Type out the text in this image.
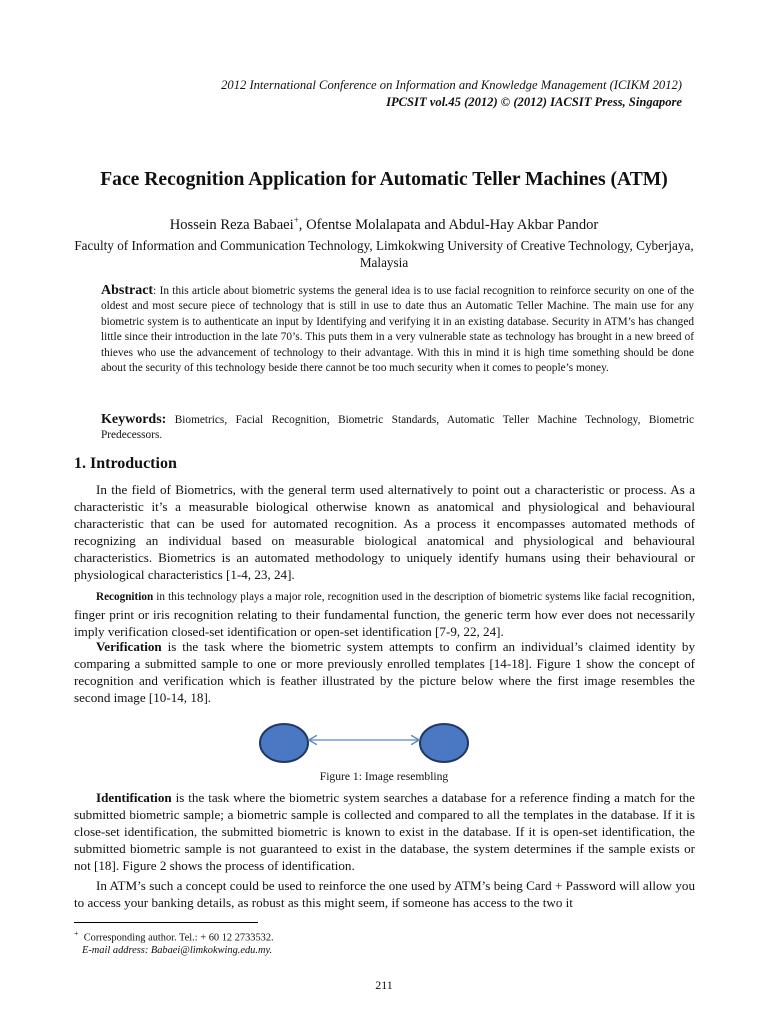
2012 International Conference on Information and Knowledge Management (ICIKM 2012)
IPCSIT vol.45 (2012) © (2012) IACSIT Press, Singapore
Face Recognition Application for Automatic Teller Machines (ATM)
Hossein Reza Babaei+, Ofentse Molalapata and Abdul-Hay Akbar Pandor
Faculty of Information and Communication Technology, Limkokwing University of Creative Technology, Cyberjaya, Malaysia
Abstract: In this article about biometric systems the general idea is to use facial recognition to reinforce security on one of the oldest and most secure piece of technology that is still in use to date thus an Automatic Teller Machine. The main use for any biometric system is to authenticate an input by Identifying and verifying it in an existing database. Security in ATM’s has changed little since their introduction in the late 70’s. This puts them in a very vulnerable state as technology has brought in a new breed of thieves who use the advancement of technology to their advantage. With this in mind it is high time something should be done about the security of this technology beside there cannot be too much security when it comes to people’s money.
Keywords: Biometrics, Facial Recognition, Biometric Standards, Automatic Teller Machine Technology, Biometric Predecessors.
1. Introduction
In the field of Biometrics, with the general term used alternatively to point out a characteristic or process. As a characteristic it’s a measurable biological otherwise known as anatomical and physiological and behavioural characteristic that can be used for automated recognition. As a process it encompasses automated methods of recognizing an individual based on measurable biological anatomical and physiological and behavioural characteristics. Biometrics is an automated methodology to uniquely identify humans using their behavioural or physiological characteristics [1-4, 23, 24].
Recognition in this technology plays a major role, recognition used in the description of biometric systems like facial recognition, finger print or iris recognition relating to their fundamental function, the generic term how ever does not necessarily imply verification closed-set identification or open-set identification [7-9, 22, 24].
Verification is the task where the biometric system attempts to confirm an individual’s claimed identity by comparing a submitted sample to one or more previously enrolled templates [14-18]. Figure 1 show the concept of recognition and verification which is feather illustrated by the picture below where the first image resembles the second image [10-14, 18].
Figure 1: Image resembling
Identification is the task where the biometric system searches a database for a reference finding a match for the submitted biometric sample; a biometric sample is collected and compared to all the templates in the database. If it is close-set identification, the submitted biometric is known to exist in the database. If it is open-set identification, the submitted biometric sample is not guaranteed to exist in the database, the system determines if the sample exists or not [18]. Figure 2 shows the process of identification.
In ATM’s such a concept could be used to reinforce the one used by ATM’s being Card + Password will allow you to access your banking details, as robust as this might seem, if someone has access to the two it
+ Corresponding author. Tel.: + 60 12 2733532.
E-mail address: Babaei@limkokwing.edu.my.
211
